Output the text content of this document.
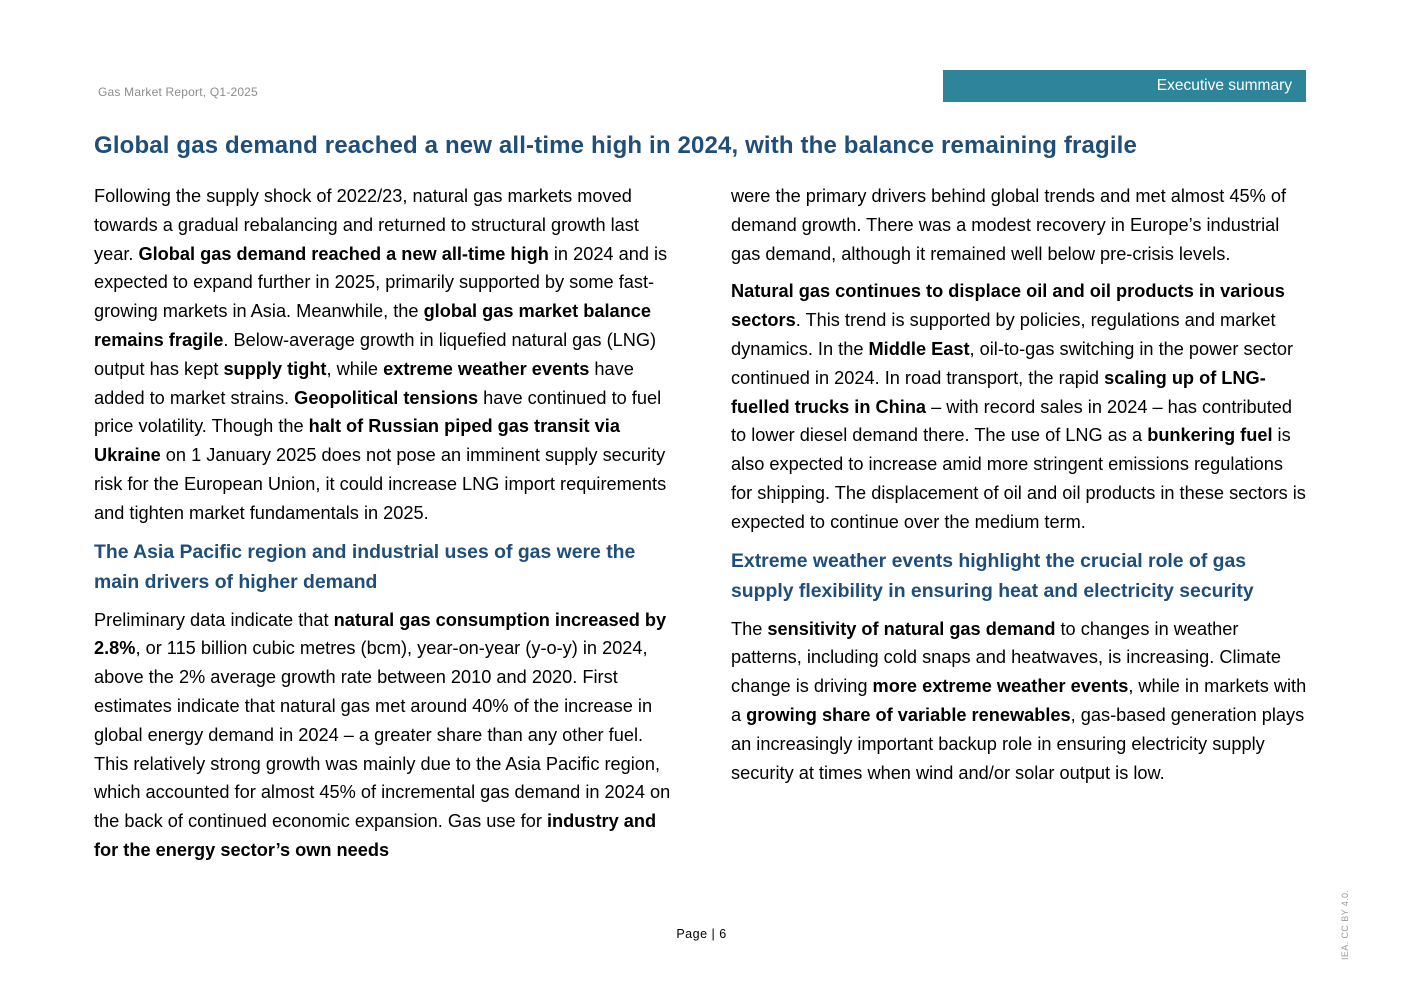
Gas Market Report, Q1-2025	Executive summary
Global gas demand reached a new all-time high in 2024, with the balance remaining fragile

Following the supply shock of 2022/23, natural gas markets moved towards a gradual rebalancing and returned to structural growth last year. Global gas demand reached a new all-time high in 2024 and is expected to expand further in 2025, primarily supported by some fast-growing markets in Asia. Meanwhile, the global gas market balance remains fragile. Below-average growth in liquefied natural gas (LNG) output has kept supply tight, while extreme weather events have added to market strains. Geopolitical tensions have continued to fuel price volatility. Though the halt of Russian piped gas transit via Ukraine on 1 January 2025 does not pose an imminent supply security risk for the European Union, it could increase LNG import requirements and tighten market fundamentals in 2025.

The Asia Pacific region and industrial uses of gas were the main drivers of higher demand

Preliminary data indicate that natural gas consumption increased by 2.8%, or 115 billion cubic metres (bcm), year-on-year (y-o-y) in 2024, above the 2% average growth rate between 2010 and 2020. First estimates indicate that natural gas met around 40% of the increase in global energy demand in 2024 – a greater share than any other fuel. This relatively strong growth was mainly due to the Asia Pacific region, which accounted for almost 45% of incremental gas demand in 2024 on the back of continued economic expansion. Gas use for industry and for the energy sector’s own needs

were the primary drivers behind global trends and met almost 45% of demand growth. There was a modest recovery in Europe’s industrial gas demand, although it remained well below pre-crisis levels.

Natural gas continues to displace oil and oil products in various sectors. This trend is supported by policies, regulations and market dynamics. In the Middle East, oil-to-gas switching in the power sector continued in 2024. In road transport, the rapid scaling up of LNG-fuelled trucks in China – with record sales in 2024 – has contributed to lower diesel demand there. The use of LNG as a bunkering fuel is also expected to increase amid more stringent emissions regulations for shipping. The displacement of oil and oil products in these sectors is expected to continue over the medium term.

Extreme weather events highlight the crucial role of gas supply flexibility in ensuring heat and electricity security

The sensitivity of natural gas demand to changes in weather patterns, including cold snaps and heatwaves, is increasing. Climate change is driving more extreme weather events, while in markets with a growing share of variable renewables, gas-based generation plays an increasingly important backup role in ensuring electricity supply security at times when wind and/or solar output is low.

Page | 6	IEA. CC BY 4.0.
